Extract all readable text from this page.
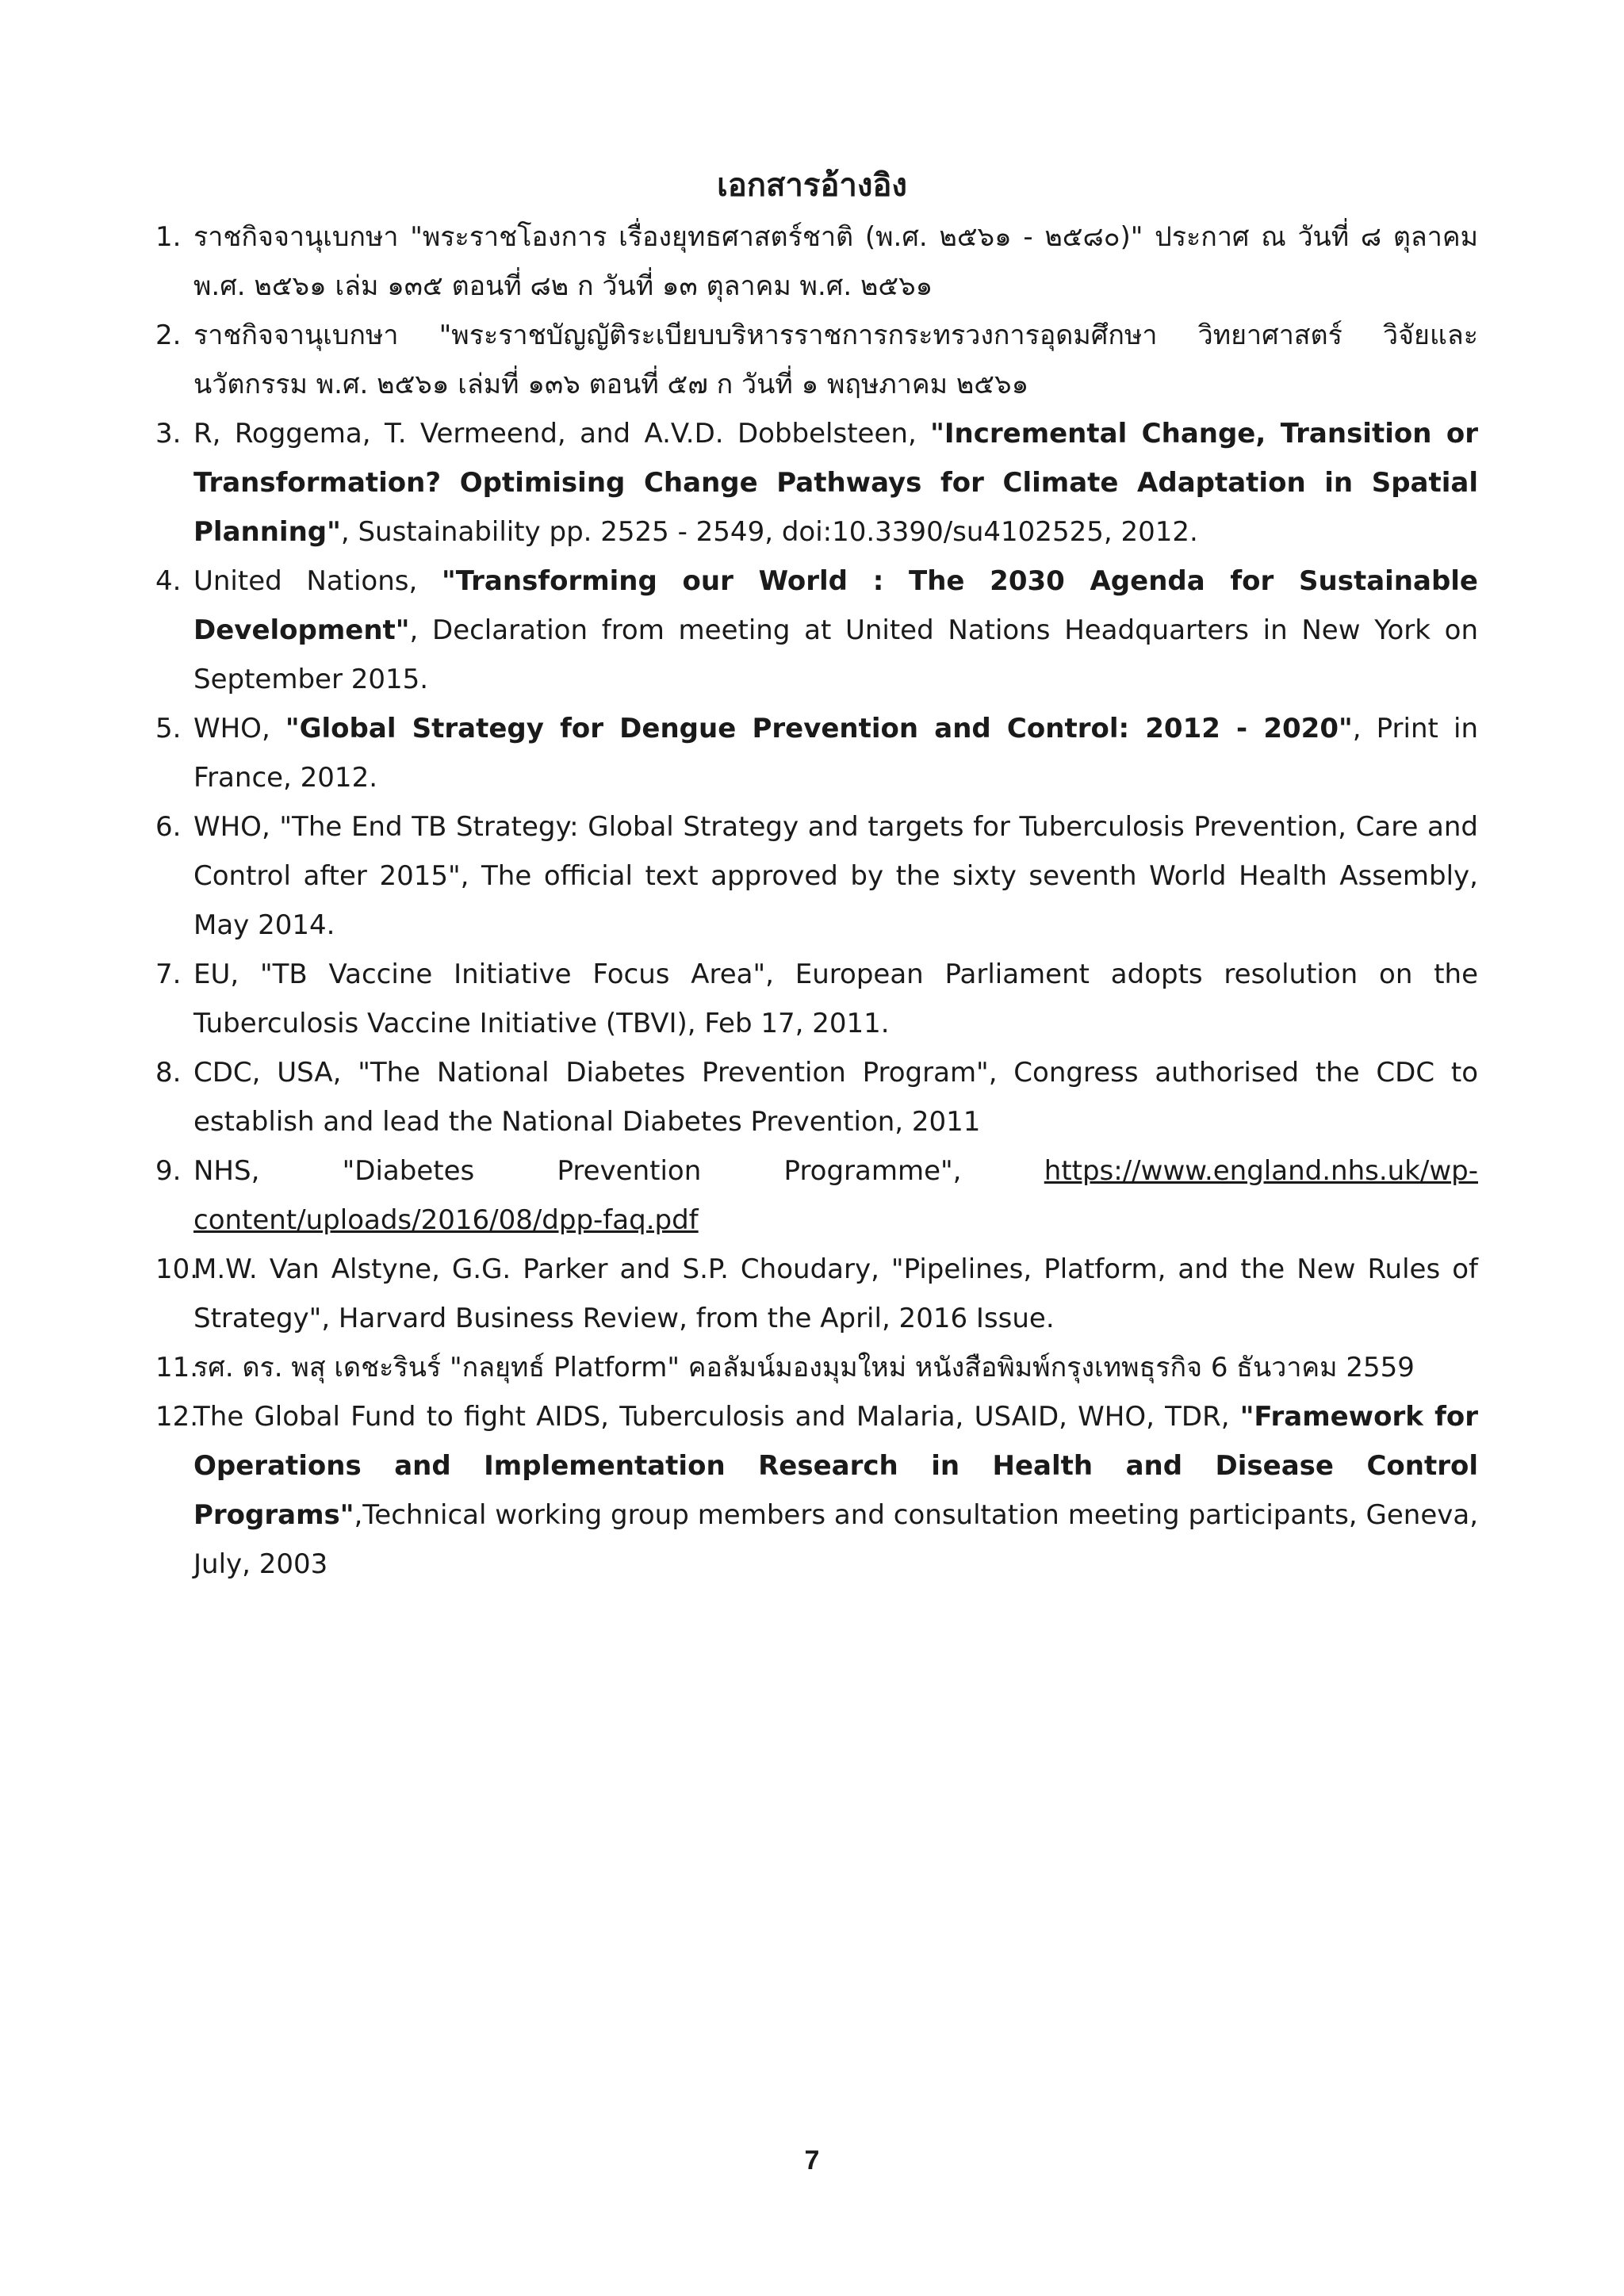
เอกสารอ้างอิง
1. ราชกิจจานุเบกษา "พระราชโองการ เรื่องยุทธศาสตร์ชาติ (พ.ศ. ๒๕๖๑ - ๒๕๘๐)" ประกาศ ณ วันที่ ๘ ตุลาคม พ.ศ. ๒๕๖๑ เล่ม ๑๓๕ ตอนที่ ๘๒ ก วันที่ ๑๓ ตุลาคม พ.ศ. ๒๕๖๑
2. ราชกิจจานุเบกษา "พระราชบัญญัติระเบียบบริหารราชการกระทรวงการอุดมศึกษา วิทยาศาสตร์ วิจัยและนวัตกรรม พ.ศ. ๒๕๖๑ เล่มที่ ๑๓๖ ตอนที่ ๕๗ ก วันที่ ๑ พฤษภาคม ๒๕๖๑
3. R, Roggema, T. Vermeend, and A.V.D. Dobbelsteen, "Incremental Change, Transition or Transformation? Optimising Change Pathways for Climate Adaptation in Spatial Planning", Sustainability pp. 2525 - 2549, doi:10.3390/su4102525, 2012.
4. United Nations, "Transforming our World : The 2030 Agenda for Sustainable Development", Declaration from meeting at United Nations Headquarters in New York on September 2015.
5. WHO, "Global Strategy for Dengue Prevention and Control: 2012 - 2020", Print in France, 2012.
6. WHO, "The End TB Strategy: Global Strategy and targets for Tuberculosis Prevention, Care and Control after 2015", The official text approved by the sixty seventh World Health Assembly, May 2014.
7. EU, "TB Vaccine Initiative Focus Area", European Parliament adopts resolution on the Tuberculosis Vaccine Initiative (TBVI), Feb 17, 2011.
8. CDC, USA, "The National Diabetes Prevention Program", Congress authorised the CDC to establish and lead the National Diabetes Prevention, 2011
9. NHS, "Diabetes Prevention Programme", https://www.england.nhs.uk/wp-content/uploads/2016/08/dpp-faq.pdf
10.
M.W. Van Alstyne, G.G. Parker and S.P. Choudary, "Pipelines, Platform, and the New Rules of Strategy", Harvard Business Review, from the April, 2016 Issue.
11.
รศ. ดร. พสุ เดชะรินร์ "กลยุทธ์ Platform" คอลัมน์มองมุมใหม่ หนังสือพิมพ์กรุงเทพธุรกิจ 6 ธันวาคม 2559
12.
The Global Fund to fight AIDS, Tuberculosis and Malaria, USAID, WHO, TDR, "Framework for Operations and Implementation Research in Health and Disease Control Programs",Technical working group members and consultation meeting participants, Geneva, July, 2003
7
